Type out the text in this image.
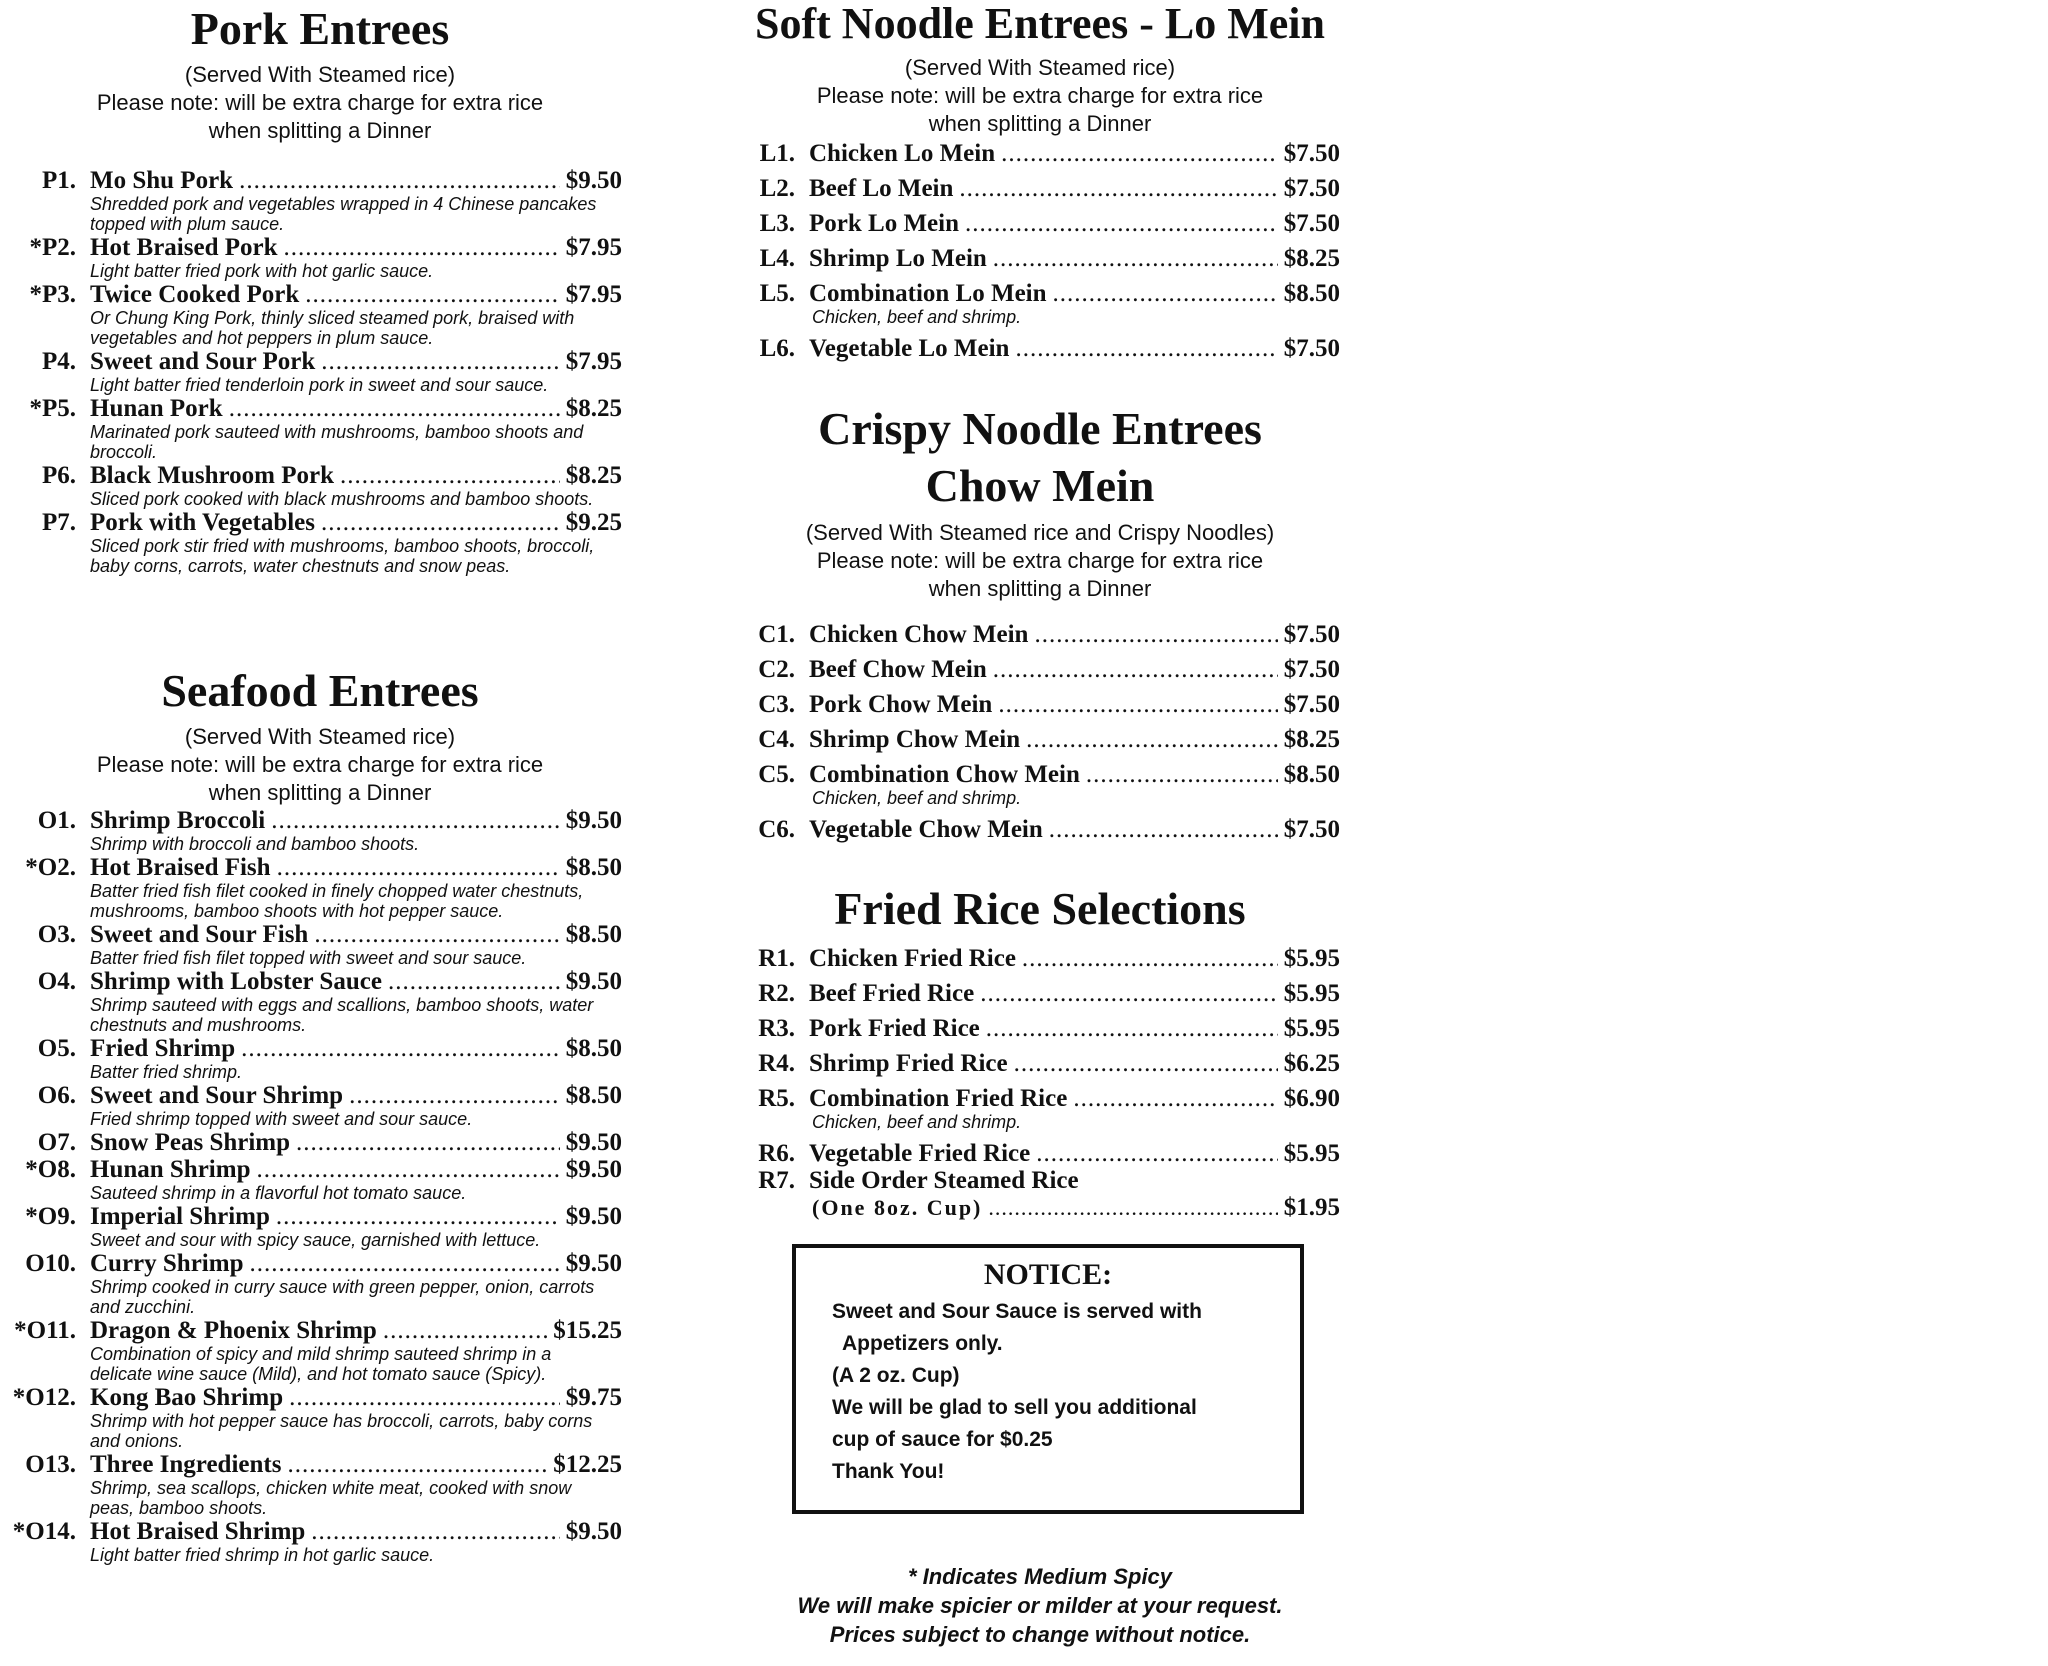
Pork Entrees
(Served With Steamed rice)
Please note: will be extra charge for extra rice
when splitting a Dinner
P1. Mo Shu Pork .....	$9.50
Shredded pork and vegetables wrapped in 4 Chinese pancakes topped with plum sauce.
*P2. Hot Braised Pork .....	$7.95
Light batter fried pork with hot garlic sauce.
*P3. Twice Cooked Pork .....	$7.95
Or Chung King Pork, thinly sliced steamed pork, braised with vegetables and hot peppers in plum sauce.
P4. Sweet and Sour Pork .....	$7.95
Light batter fried tenderloin pork in sweet and sour sauce.
*P5. Hunan Pork .....	$8.25
Marinated pork sauteed with mushrooms, bamboo shoots and broccoli.
P6. Black Mushroom Pork .....	$8.25
Sliced pork cooked with black mushrooms and bamboo shoots.
P7. Pork with Vegetables .....	$9.25
Sliced pork stir fried with mushrooms, bamboo shoots, broccoli, baby corns, carrots, water chestnuts and snow peas.
Seafood Entrees
(Served With Steamed rice)
Please note: will be extra charge for extra rice
when splitting a Dinner
O1. Shrimp Broccoli .....	$9.50
Shrimp with broccoli and bamboo shoots.
*O2. Hot Braised Fish .....	$8.50
Batter fried fish filet cooked in finely chopped water chestnuts, mushrooms, bamboo shoots with hot pepper sauce.
O3. Sweet and Sour Fish .....	$8.50
Batter fried fish filet topped with sweet and sour sauce.
O4. Shrimp with Lobster Sauce .....	$9.50
Shrimp sauteed with eggs and scallions, bamboo shoots, water chestnuts and mushrooms.
O5. Fried Shrimp .....	$8.50
Batter fried shrimp.
O6. Sweet and Sour Shrimp .....	$8.50
Fried shrimp topped with sweet and sour sauce.
O7. Snow Peas Shrimp .....	$9.50
*O8. Hunan Shrimp .....	$9.50
Sauteed shrimp in a flavorful hot tomato sauce.
*O9. Imperial Shrimp .....	$9.50
Sweet and sour with spicy sauce, garnished with lettuce.
O10. Curry Shrimp .....	$9.50
Shrimp cooked in curry sauce with green pepper, onion, carrots and zucchini.
*O11. Dragon & Phoenix Shrimp .....	$15.25
Combination of spicy and mild shrimp sauteed shrimp in a delicate wine sauce (Mild), and hot tomato sauce (Spicy).
*O12. Kong Bao Shrimp .....	$9.75
Shrimp with hot pepper sauce has broccoli, carrots, baby corns and onions.
O13. Three Ingredients .....	$12.25
Shrimp, sea scallops, chicken white meat, cooked with snow peas, bamboo shoots.
*O14. Hot Braised Shrimp .....	$9.50
Light batter fried shrimp in hot garlic sauce.
Soft Noodle Entrees - Lo Mein
(Served With Steamed rice)
Please note: will be extra charge for extra rice
when splitting a Dinner
L1. Chicken Lo Mein .....	$7.50
L2. Beef Lo Mein .....	$7.50
L3. Pork Lo Mein .....	$7.50
L4. Shrimp Lo Mein .....	$8.25
L5. Combination Lo Mein .....	$8.50
Chicken, beef and shrimp.
L6. Vegetable Lo Mein .....	$7.50
Crispy Noodle Entrees
Chow Mein
(Served With Steamed rice and Crispy Noodles)
Please note: will be extra charge for extra rice
when splitting a Dinner
C1. Chicken Chow Mein .....	$7.50
C2. Beef Chow Mein .....	$7.50
C3. Pork Chow Mein .....	$7.50
C4. Shrimp Chow Mein .....	$8.25
C5. Combination Chow Mein .....	$8.50
Chicken, beef and shrimp.
C6. Vegetable Chow Mein .....	$7.50
Fried Rice Selections
R1. Chicken Fried Rice .....	$5.95
R2. Beef Fried Rice .....	$5.95
R3. Pork Fried Rice .....	$5.95
R4. Shrimp Fried Rice .....	$6.25
R5. Combination Fried Rice .....	$6.90
Chicken, beef and shrimp.
R6. Vegetable Fried Rice .....	$5.95
R7. Side Order Steamed Rice
(One 8oz. Cup) .....	$1.95
NOTICE:
Sweet and Sour Sauce is served with
Appetizers only.
(A 2 oz. Cup)
We will be glad to sell you additional
cup of sauce for $0.25
Thank You!
* Indicates Medium Spicy
We will make spicier or milder at your request.
Prices subject to change without notice.
